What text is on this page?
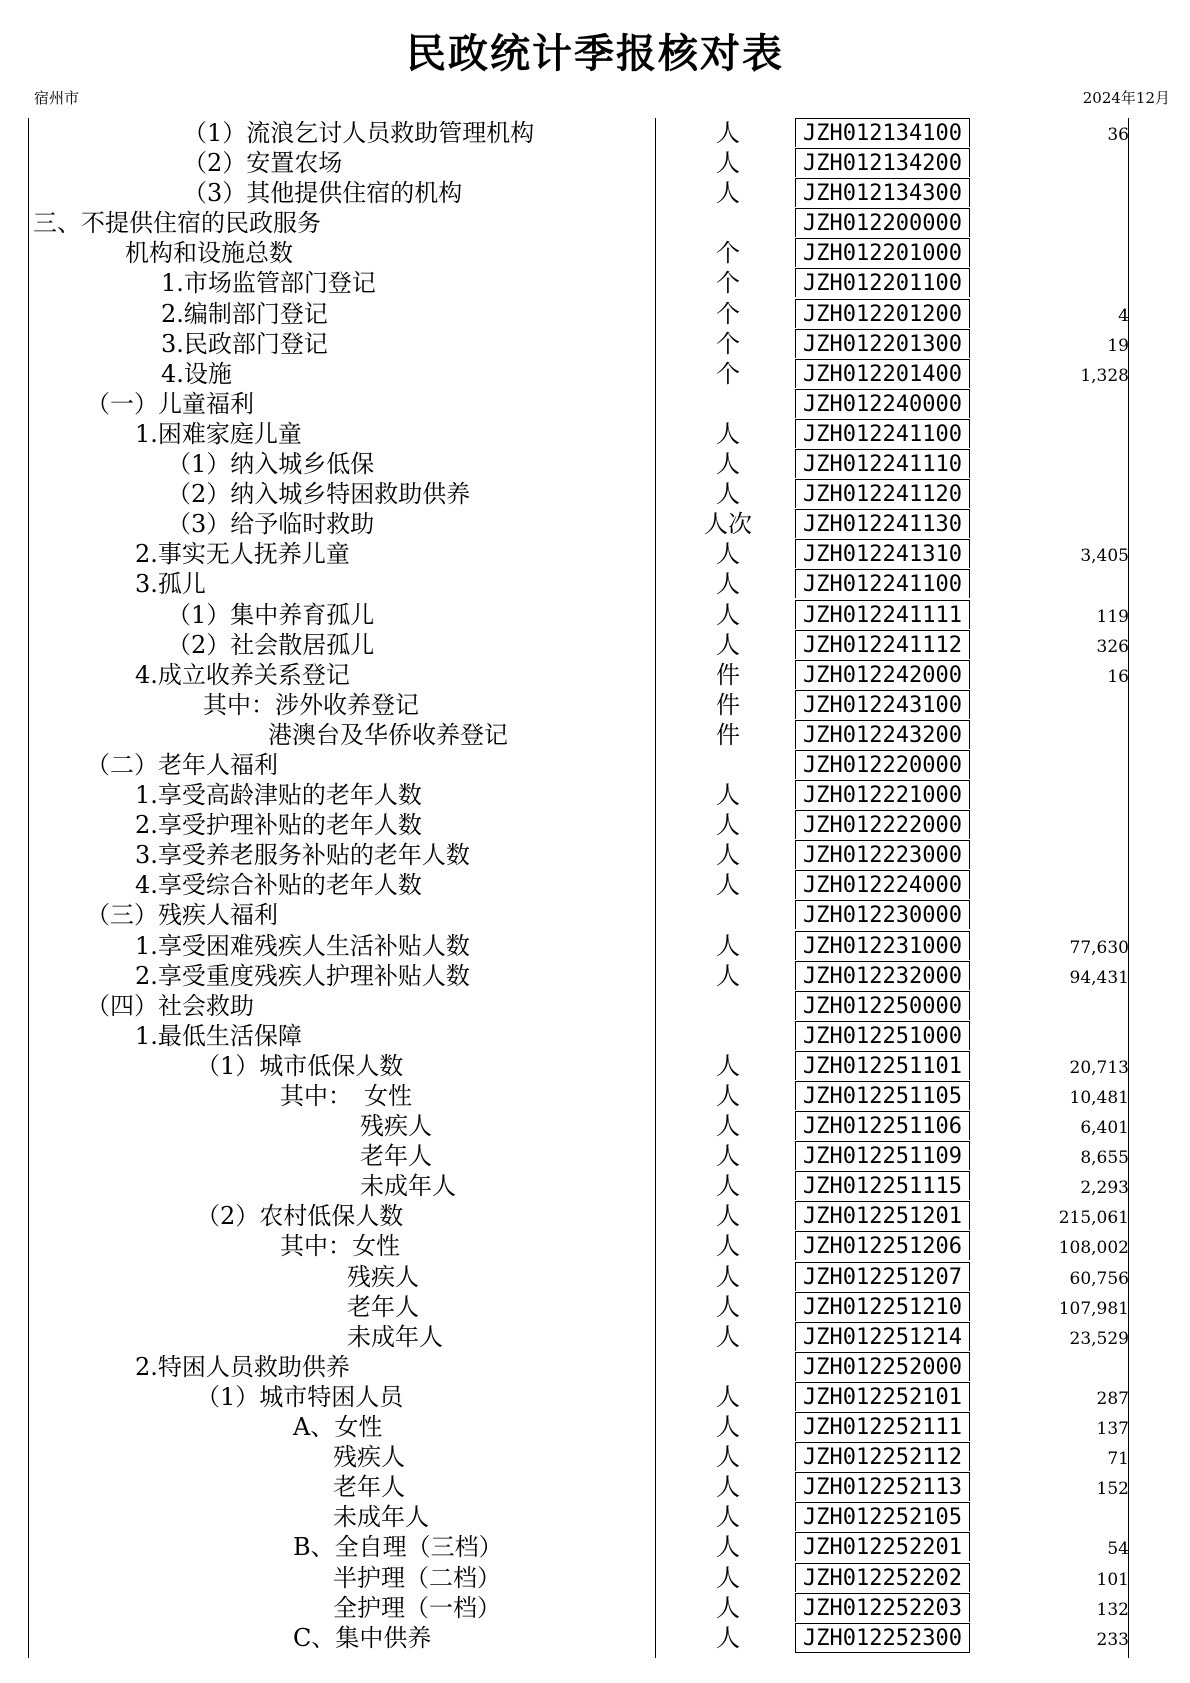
民政统计季报核对表
宿州市	2024年12月
（1）流浪乞讨人员救助管理机构	人	JZH012134100	36
（2）安置农场	人	JZH012134200
（3）其他提供住宿的机构	人	JZH012134300
三、不提供住宿的民政服务	JZH012200000
机构和设施总数	个	JZH012201000
1.市场监管部门登记	个	JZH012201100
2.编制部门登记	个	JZH012201200	4
3.民政部门登记	个	JZH012201300	19
4.设施	个	JZH012201400	1,328
（一）儿童福利	JZH012240000
1.困难家庭儿童	人	JZH012241100
（1）纳入城乡低保	人	JZH012241110
（2）纳入城乡特困救助供养	人	JZH012241120
（3）给予临时救助	人次	JZH012241130
2.事实无人抚养儿童	人	JZH012241310	3,405
3.孤儿	人	JZH012241100
（1）集中养育孤儿	人	JZH012241111	119
（2）社会散居孤儿	人	JZH012241112	326
4.成立收养关系登记	件	JZH012242000	16
其中：涉外收养登记	件	JZH012243100
港澳台及华侨收养登记	件	JZH012243200
（二）老年人福利	JZH012220000
1.享受高龄津贴的老年人数	人	JZH012221000
2.享受护理补贴的老年人数	人	JZH012222000
3.享受养老服务补贴的老年人数	人	JZH012223000
4.享受综合补贴的老年人数	人	JZH012224000
（三）残疾人福利	JZH012230000
1.享受困难残疾人生活补贴人数	人	JZH012231000	77,630
2.享受重度残疾人护理补贴人数	人	JZH012232000	94,431
（四）社会救助	JZH012250000
1.最低生活保障	JZH012251000
（1）城市低保人数	人	JZH012251101	20,713
其中：　女性	人	JZH012251105	10,481
残疾人	人	JZH012251106	6,401
老年人	人	JZH012251109	8,655
未成年人	人	JZH012251115	2,293
（2）农村低保人数	人	JZH012251201	215,061
其中：女性	人	JZH012251206	108,002
残疾人	人	JZH012251207	60,756
老年人	人	JZH012251210	107,981
未成年人	人	JZH012251214	23,529
2.特困人员救助供养	JZH012252000
（1）城市特困人员	人	JZH012252101	287
A、女性	人	JZH012252111	137
残疾人	人	JZH012252112	71
老年人	人	JZH012252113	152
未成年人	人	JZH012252105
B、全自理（三档）	人	JZH012252201	54
半护理（二档）	人	JZH012252202	101
全护理（一档）	人	JZH012252203	132
C、集中供养	人	JZH012252300	233
